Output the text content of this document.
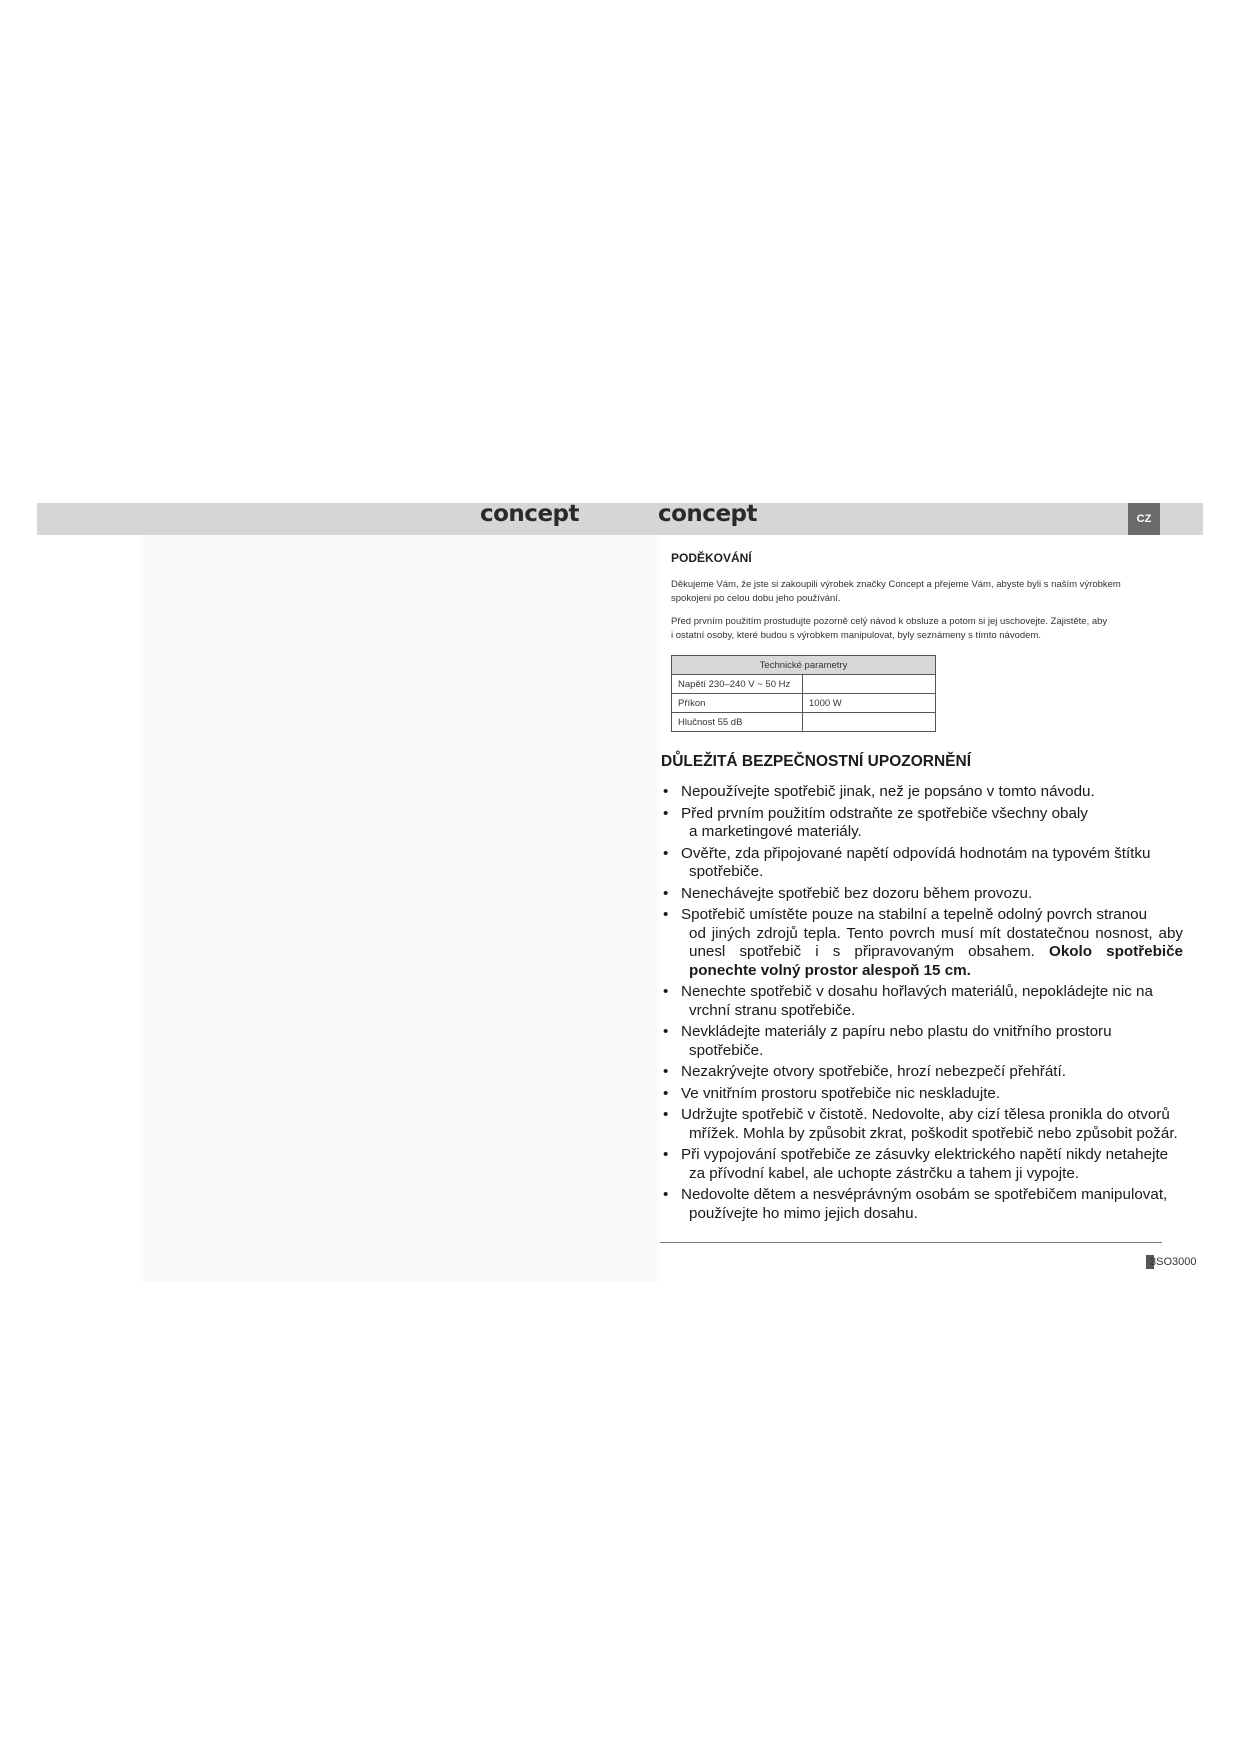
concept	concept	CZ
PODĚKOVÁNÍ

Děkujeme Vám, že jste si zakoupili výrobek značky Concept a přejeme Vám, abyste byli s naším výrobkem
spokojeni po celou dobu jeho používání.

Před prvním použitím prostudujte pozorně celý návod k obsluze a potom si jej uschovejte. Zajistěte, aby
i ostatní osoby, které budou s výrobkem manipulovat, byly seznámeny s tímto návodem.

Technické parametry	
Napětí 230–240 V ~ 50 Hz	
Příkon	1000 W
Hlučnost 55 dB	
DŮLEŽITÁ BEZPEČNOSTNÍ UPOZORNĚNÍ
• Nepoužívejte spotřebič jinak, než je popsáno v tomto návodu.
• Před prvním použitím odstraňte ze spotřebiče všechny obaly
a marketingové materiály.
• Ověřte, zda připojované napětí odpovídá hodnotám na typovém štítku
spotřebiče.
• Nenechávejte spotřebič bez dozoru během provozu.
• Spotřebič umístěte pouze na stabilní a tepelně odolný povrch stranou
od jiných zdrojů tepla. Tento povrch musí mít dostatečnou nosnost, aby unesl spotřebič i s připravovaným obsahem. Okolo spotřebiče ponechte volný prostor alespoň 15 cm.
• Nenechte spotřebič v dosahu hořlavých materiálů, nepokládejte nic na
vrchní stranu spotřebiče.
• Nevkládejte materiály z papíru nebo plastu do vnitřního prostoru
spotřebiče.
• Nezakrývejte otvory spotřebiče, hrozí nebezpečí přehřátí.
• Ve vnitřním prostoru spotřebiče nic neskladujte.
• Udržujte spotřebič v čistotě. Nedovolte, aby cizí tělesa pronikla do otvorů
mřížek. Mohla by způsobit zkrat, poškodit spotřebič nebo způsobit požár.
• Při vypojování spotřebiče ze zásuvky elektrického napětí nikdy netahejte
za přívodní kabel, ale uchopte zástrčku a tahem ji vypojte.
• Nedovolte dětem a nesvéprávným osobám se spotřebičem manipulovat,
používejte ho mimo jejich dosahu.
3SO3000
